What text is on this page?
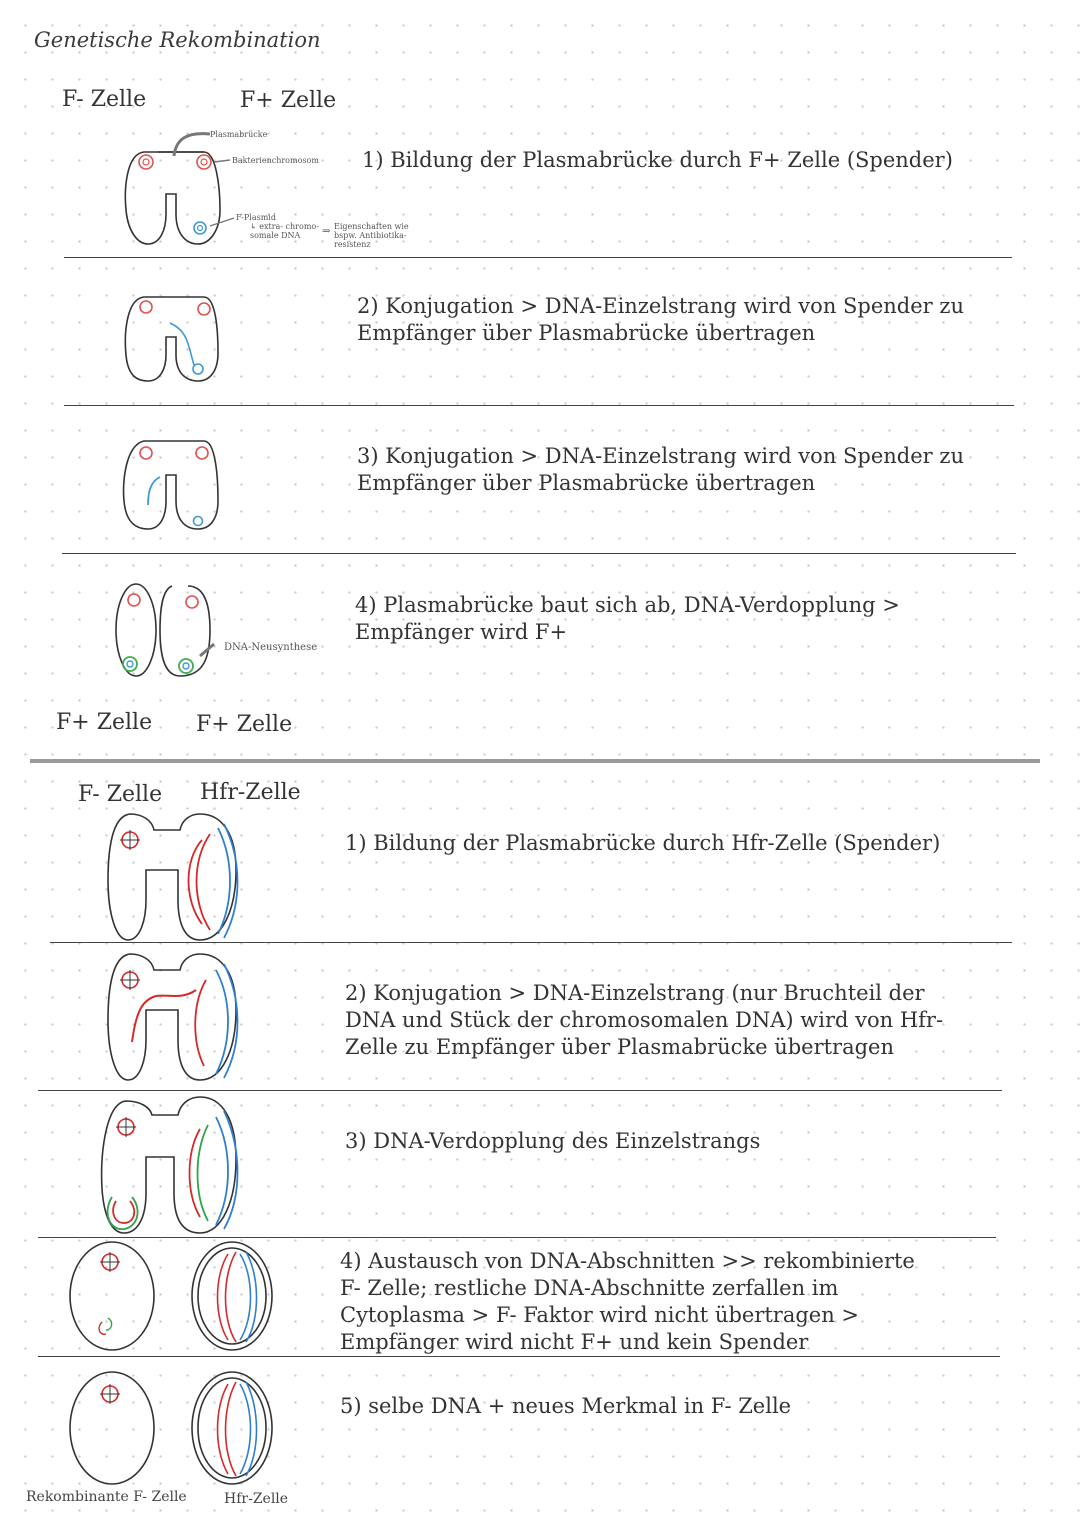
Genetische Rekombination
F- Zelle	F+ Zelle
Plasmabrücke
Bakterienchromosom
F-Plasmid
↳ extra- chromo- somale DNA	⇒ Eigenschaften wie bspw. Antibiotika- resistenz
1) Bildung der Plasmabrücke durch F+ Zelle (Spender)
2) Konjugation > DNA-Einzelstrang wird von Spender zu Empfänger über Plasmabrücke übertragen
3) Konjugation > DNA-Einzelstrang wird von Spender zu Empfänger über Plasmabrücke übertragen
DNA-Neusynthese
4) Plasmabrücke baut sich ab, DNA-Verdopplung > Empfänger wird F+
F+ Zelle F+ Zelle
F- Zelle Hfr-Zelle
1) Bildung der Plasmabrücke durch Hfr-Zelle (Spender)
2) Konjugation > DNA-Einzelstrang (nur Bruchteil der DNA und Stück der chromosomalen DNA) wird von Hfr-Zelle zu Empfänger über Plasmabrücke übertragen
3) DNA-Verdopplung des Einzelstrangs
4) Austausch von DNA-Abschnitten >> rekombinierte F- Zelle; restliche DNA-Abschnitte zerfallen im Cytoplasma > F- Faktor wird nicht übertragen > Empfänger wird nicht F+ und kein Spender
5) selbe DNA + neues Merkmal in F- Zelle
Rekombinante F- Zelle	Hfr-Zelle
